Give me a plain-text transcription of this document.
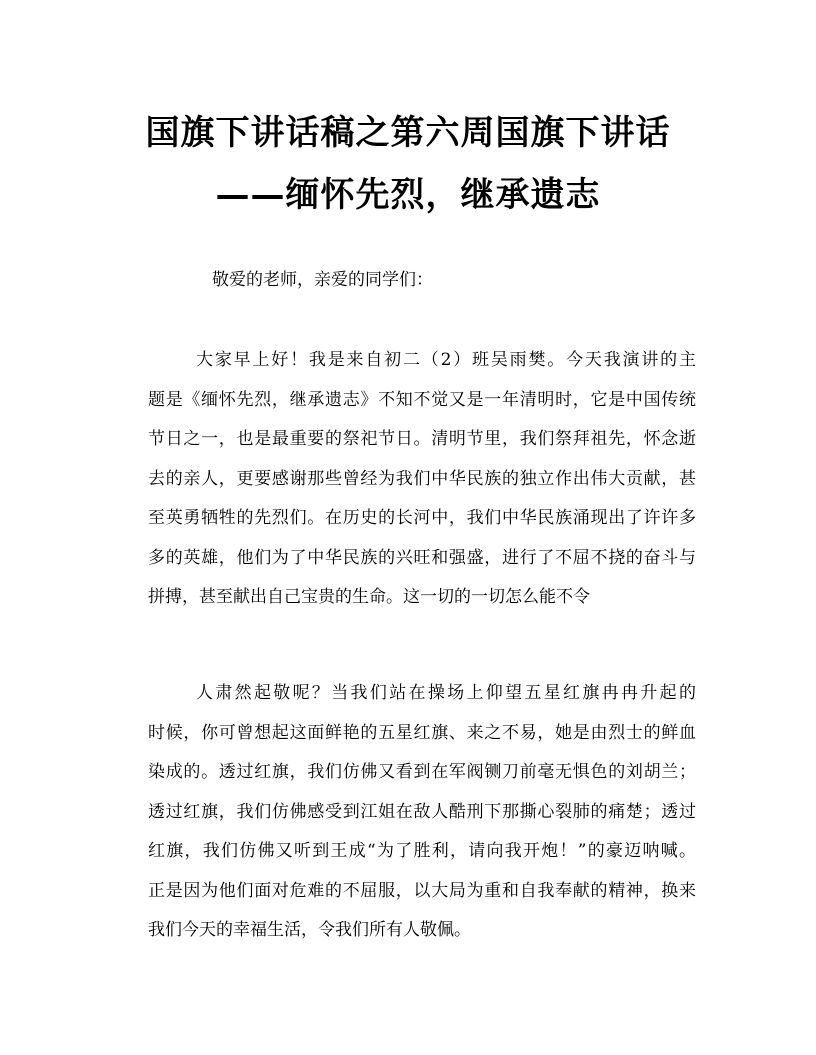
国旗下讲话稿之第六周国旗下讲话
——缅怀先烈，继承遗志
敬爱的老师，亲爱的同学们：
大家早上好！我是来自初二（2）班吴雨樊。今天我演讲的主
题是《缅怀先烈，继承遗志》不知不觉又是一年清明时，它是中国传统
节日之一，也是最重要的祭祀节日。清明节里，我们祭拜祖先，怀念逝
去的亲人，更要感谢那些曾经为我们中华民族的独立作出伟大贡献，甚
至英勇牺牲的先烈们。在历史的长河中，我们中华民族涌现出了许许多
多的英雄，他们为了中华民族的兴旺和强盛，进行了不屈不挠的奋斗与
拼搏，甚至献出自己宝贵的生命。这一切的一切怎么能不令
人肃然起敬呢？当我们站在操场上仰望五星红旗冉冉升起的
时候，你可曾想起这面鲜艳的五星红旗、来之不易，她是由烈士的鲜血
染成的。透过红旗，我们仿佛又看到在军阀铡刀前毫无惧色的刘胡兰；
透过红旗，我们仿佛感受到江姐在敌人酷刑下那撕心裂肺的痛楚；透过
红旗，我们仿佛又听到王成“为了胜利，请向我开炮！”的豪迈呐喊。
正是因为他们面对危难的不屈服，以大局为重和自我奉献的精神，换来
我们今天的幸福生活，令我们所有人敬佩。
